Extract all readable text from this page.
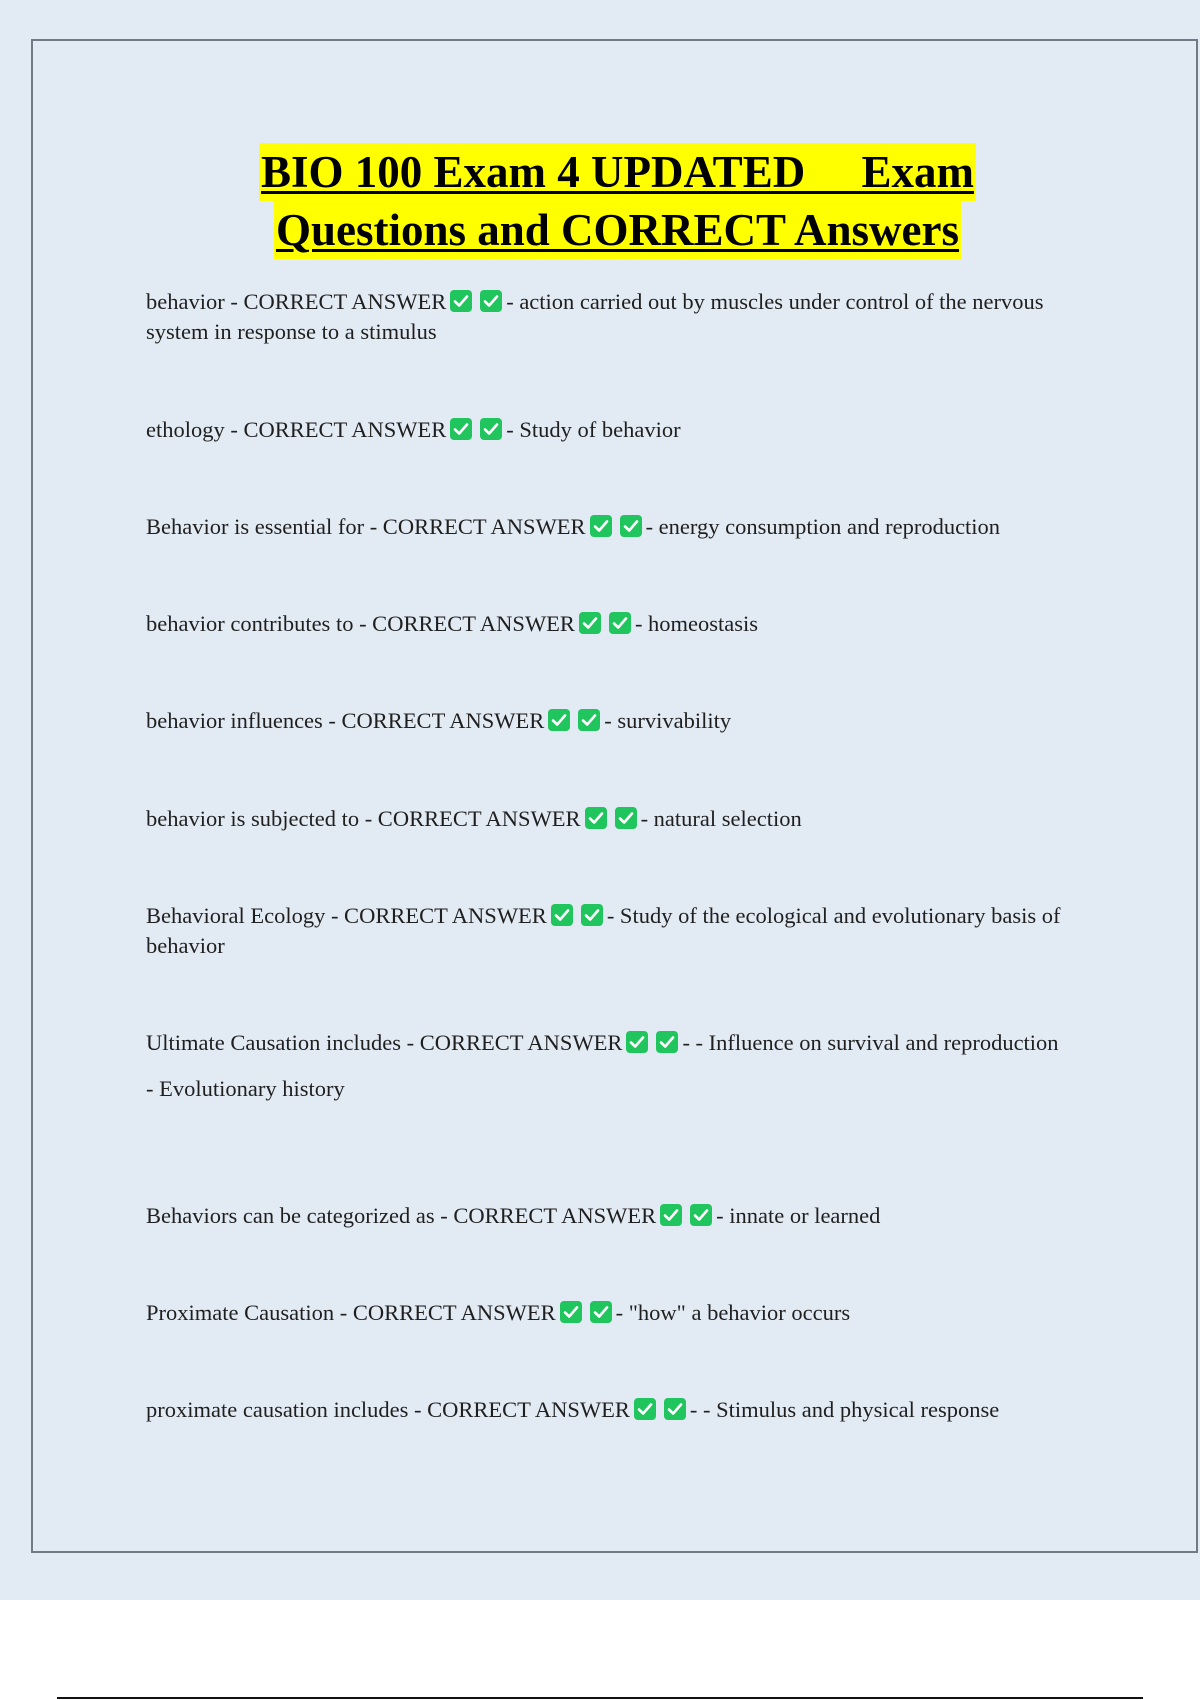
BIO 100 Exam 4 UPDATED     Exam
Questions and CORRECT Answers

behavior - CORRECT ANSWER	- action carried out by muscles under control of the nervous system in response to a stimulus

ethology - CORRECT ANSWER	- Study of behavior

Behavior is essential for - CORRECT ANSWER	- energy consumption and reproduction

behavior contributes to - CORRECT ANSWER	- homeostasis

behavior influences - CORRECT ANSWER	- survivability

behavior is subjected to - CORRECT ANSWER	- natural selection

Behavioral Ecology - CORRECT ANSWER	- Study of the ecological and evolutionary basis of behavior

Ultimate Causation includes - CORRECT ANSWER	- - Influence on survival and reproduction

- Evolutionary history

Behaviors can be categorized as - CORRECT ANSWER	- innate or learned

Proximate Causation - CORRECT ANSWER	- "how" a behavior occurs

proximate causation includes - CORRECT ANSWER	- - Stimulus and physical response
